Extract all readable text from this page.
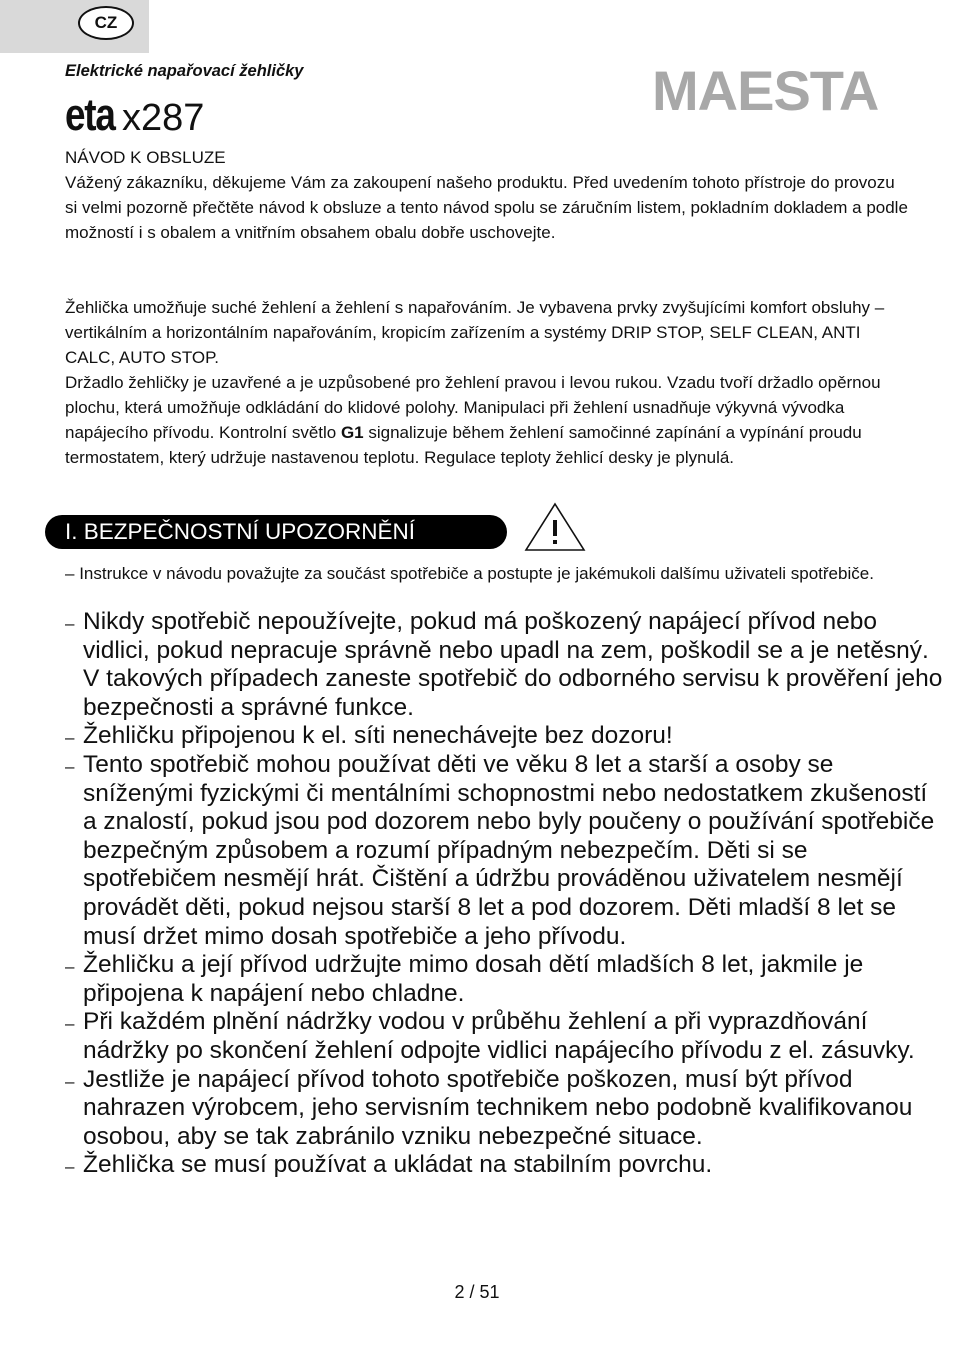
CZ
Elektrické napařovací žehličky	MAESTA
eta x287

NÁVOD K OBSLUZE

Vážený zákazníku, děkujeme Vám za zakoupení našeho produktu. Před uvedením tohoto přístroje do provozu si velmi pozorně přečtěte návod k obsluze a tento návod spolu se záručním listem, pokladním dokladem a podle možností i s obalem a vnitřním obsahem obalu dobře uschovejte.

Žehlička umožňuje suché žehlení a žehlení s napařováním. Je vybavena prvky zvyšujícími komfort obsluhy – vertikálním a horizontálním napařováním, kropicím zařízením a systémy DRIP STOP, SELF CLEAN, ANTI CALC, AUTO STOP.

Držadlo žehličky je uzavřené a je uzpůsobené pro žehlení pravou i levou rukou. Vzadu tvoří držadlo opěrnou plochu, která umožňuje odkládání do klidové polohy. Manipulaci při žehlení usnadňuje výkyvná vývodka napájecího přívodu. Kontrolní světlo G1 signalizuje během žehlení samočinné zapínání a vypínání proudu termostatem, který udržuje nastavenou teplotu. Regulace teploty žehlicí desky je plynulá.

I. BEZPEČNOSTNÍ UPOZORNĚNÍ
– Instrukce v návodu považujte za součást spotřebiče a postupte je jakémukoli dalšímu uživateli spotřebiče.
– Nikdy spotřebič nepoužívejte, pokud má poškozený napájecí přívod nebo vidlici, pokud nepracuje správně nebo upadl na zem, poškodil se a je netěsný. V takových případech zaneste spotřebič do odborného servisu k prověření jeho bezpečnosti a správné funkce.
– Žehličku připojenou k el. síti nenechávejte bez dozoru!
– Tento spotřebič mohou používat děti ve věku 8 let a starší a osoby se sníženými fyzickými či mentálními schopnostmi nebo nedostatkem zkušeností a znalostí, pokud jsou pod dozorem nebo byly poučeny o používání spotřebiče bezpečným způsobem a rozumí případným nebezpečím. Děti si se spotřebičem nesmějí hrát. Čištění a údržbu prováděnou uživatelem nesmějí provádět děti, pokud nejsou starší 8 let a pod dozorem. Děti mladší 8 let se musí držet mimo dosah spotřebiče a jeho přívodu.
– Žehličku a její přívod udržujte mimo dosah dětí mladších 8 let, jakmile je připojena k napájení nebo chladne.
– Při každém plnění nádržky vodou v průběhu žehlení a při vyprazdňování nádržky po skončení žehlení odpojte vidlici napájecího přívodu z el. zásuvky.
– Jestliže je napájecí přívod tohoto spotřebiče poškozen, musí být přívod nahrazen výrobcem, jeho servisním technikem nebo podobně kvalifikovanou osobou, aby se tak zabránilo vzniku nebezpečné situace.
– Žehlička se musí používat a ukládat na stabilním povrchu.
2 / 51
